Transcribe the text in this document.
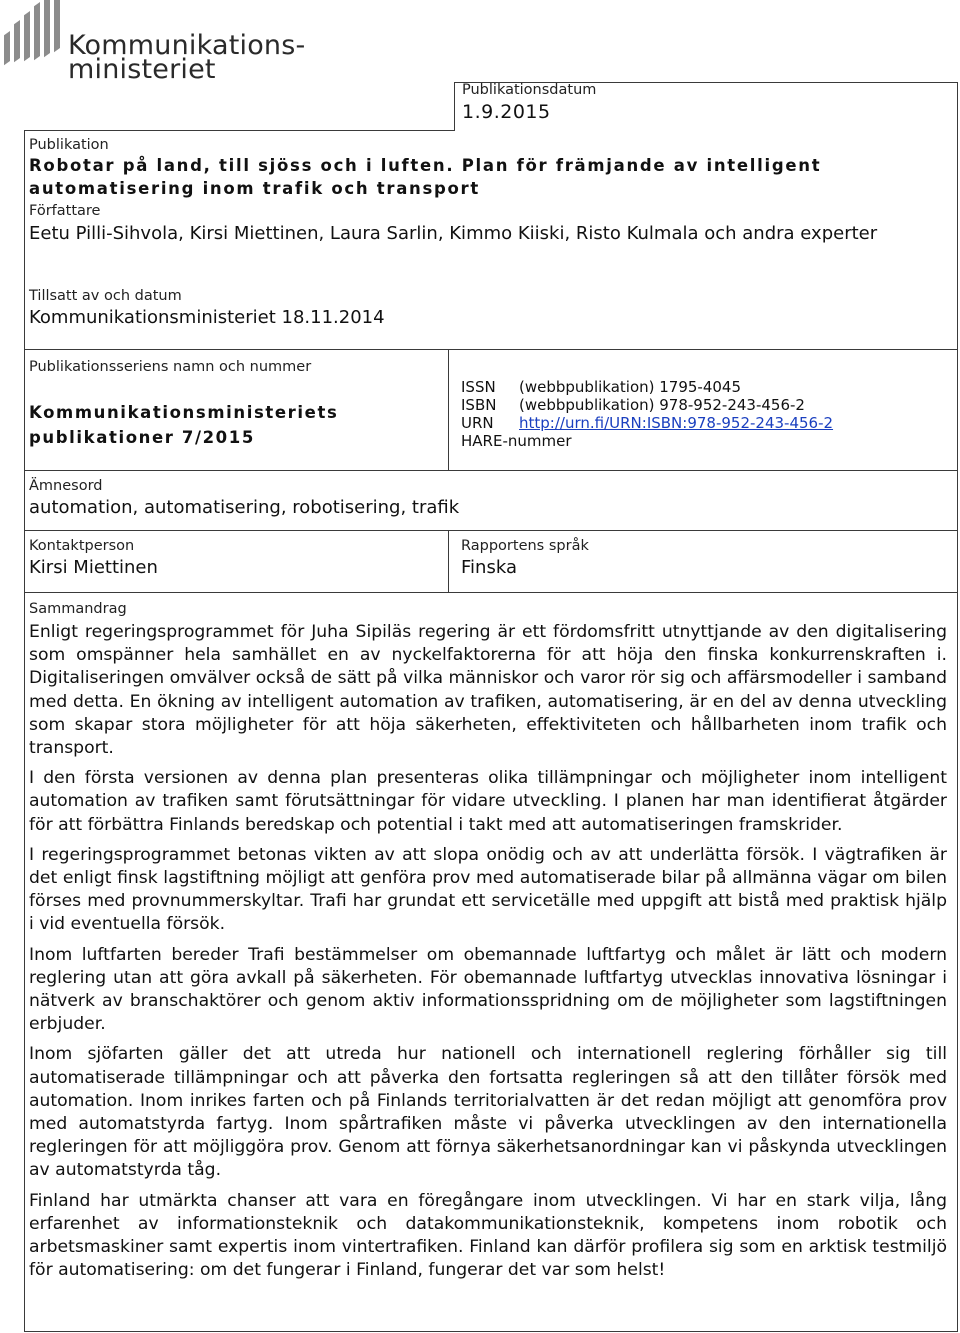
Kommunikations-
ministeriet
Publikationsdatum
1.9.2015
Publikation
Robotar på land, till sjöss och i luften. Plan för främjande av intelligent automatisering inom trafik och transport
Författare
Eetu Pilli-Sihvola, Kirsi Miettinen, Laura Sarlin, Kimmo Kiiski, Risto Kulmala och andra experter
Tillsatt av och datum
Kommunikationsministeriet 18.11.2014
Publikationsseriens namn och nummer
Kommunikationsministeriets publikationer 7/2015
ISSN	(webbpublikation) 1795-4045
ISBN	(webbpublikation) 978-952-243-456-2
URN	http://urn.fi/URN:ISBN:978-952-243-456-2
HARE-nummer
Ämnesord
automation, automatisering, robotisering, trafik
Kontaktperson
Kirsi Miettinen
Rapportens språk
Finska
Sammandrag

Enligt regeringsprogrammet för Juha Sipiläs regering är ett fördomsfritt utnyttjande av den digitalisering som omspänner hela samhället en av nyckelfaktorerna för att höja den finska konkurrenskraften i. Digitaliseringen omvälver också de sätt på vilka människor och varor rör sig och affärsmodeller i samband med detta. En ökning av intelligent automation av trafiken, automatisering, är en del av denna utveckling som skapar stora möjligheter för att höja säkerheten, effektiviteten och hållbarheten inom trafik och transport.

I den första versionen av denna plan presenteras olika tillämpningar och möjligheter inom intelligent automation av trafiken samt förutsättningar för vidare utveckling. I planen har man identifierat åtgärder för att förbättra Finlands beredskap och potential i takt med att automatiseringen framskrider.

I regeringsprogrammet betonas vikten av att slopa onödig och av att underlätta försök. I vägtrafiken är det enligt finsk lagstiftning möjligt att genföra prov med automatiserade bilar på allmänna vägar om bilen förses med provnummerskyltar. Trafi har grundat ett servicetälle med uppgift att bistå med praktisk hjälp i vid eventuella försök.

Inom luftfarten bereder Trafi bestämmelser om obemannade luftfartyg och målet är lätt och modern reglering utan att göra avkall på säkerheten. För obemannade luftfartyg utvecklas innovativa lösningar i nätverk av branschaktörer och genom aktiv informationsspridning om de möjligheter som lagstiftningen erbjuder.

Inom sjöfarten gäller det att utreda hur nationell och internationell reglering förhåller sig till automatiserade tillämpningar och att påverka den fortsatta regleringen så att den tillåter försök med automation. Inom inrikes farten och på Finlands territorialvatten är det redan möjligt att genomföra prov med automatstyrda fartyg. Inom spårtrafiken måste vi påverka utvecklingen av den internationella regleringen för att möjliggöra prov. Genom att förnya säkerhetsanordningar kan vi påskynda utvecklingen av automatstyrda tåg.

Finland har utmärkta chanser att vara en föregångare inom utvecklingen. Vi har en stark vilja, lång erfarenhet av informationsteknik och datakommunikationsteknik, kompetens inom robotik och arbetsmaskiner samt expertis inom vintertrafiken. Finland kan därför profilera sig som en arktisk testmiljö för automatisering: om det fungerar i Finland, fungerar det var som helst!
